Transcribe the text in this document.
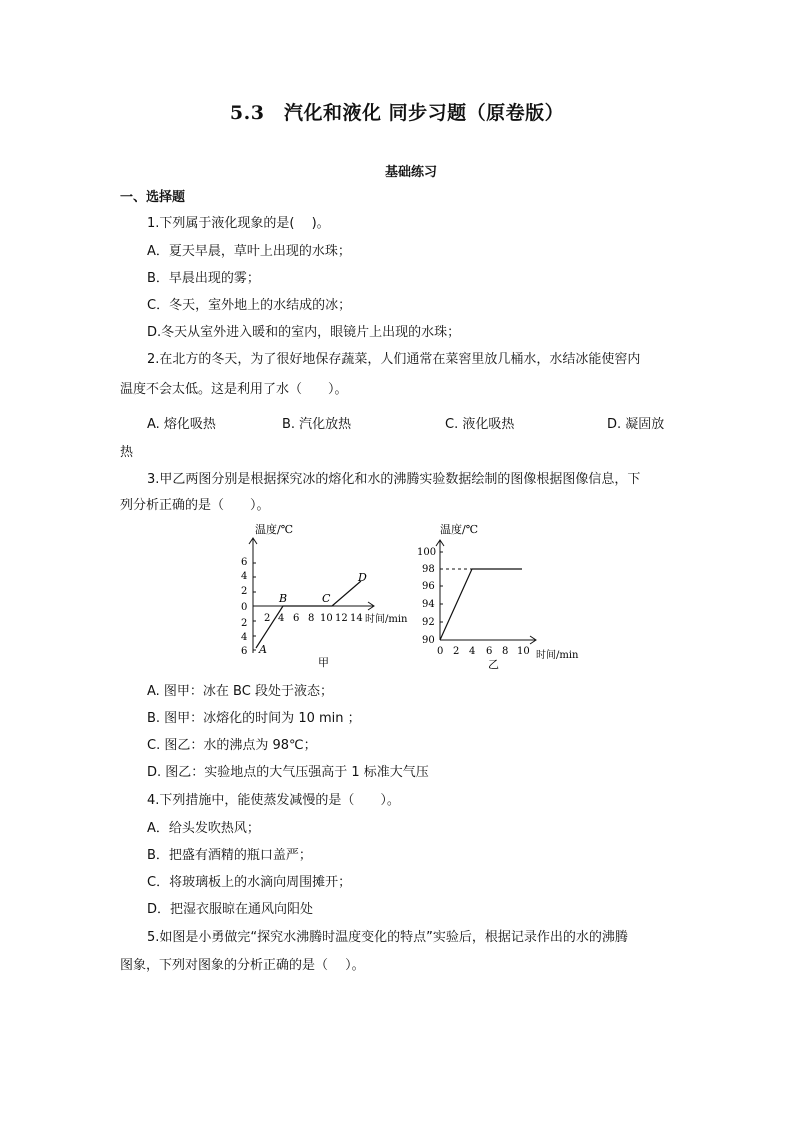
5.3　汽化和液化 同步习题（原卷版）
基础练习
一、选择题
1.下列属于液化现象的是(　 )。
A．夏天早晨，草叶上出现的水珠；
B．早晨出现的雾；
C．冬天，室外地上的水结成的冰；
D.冬天从室外进入暖和的室内，眼镜片上出现的水珠；
2.在北方的冬天，为了很好地保存蔬菜，人们通常在菜窖里放几桶水，水结冰能使窖内
温度不会太低。这是利用了水（　　）。
A. 熔化吸热	B. 汽化放热	C. 液化吸热	D. 凝固放
热
3.甲乙两图分别是根据探究冰的熔化和水的沸腾实验数据绘制的图像根据图像信息，下
列分析正确的是（　　）。
温度/℃
6
4
2
0
2
4
6
2 4 6 8 10 12 14 时间/min
A
B	C
D
甲
温度/℃
90
92
94
96
98
100
0 2 4 6 8 10 时间/min
乙
A. 图甲：冰在 BC 段处于液态；
B. 图甲：冰熔化的时间为 10 min ；
C. 图乙：水的沸点为 98℃；
D. 图乙：实验地点的大气压强高于 1 标准大气压
4.下列措施中，能使蒸发减慢的是（　　）。
A．给头发吹热风；
B．把盛有酒精的瓶口盖严；
C．将玻璃板上的水滴向周围摊开；
D．把湿衣服晾在通风向阳处
5.如图是小勇做完“探究水沸腾时温度变化的特点”实验后，根据记录作出的水的沸腾
图象，下列对图象的分析正确的是（　 ）。
